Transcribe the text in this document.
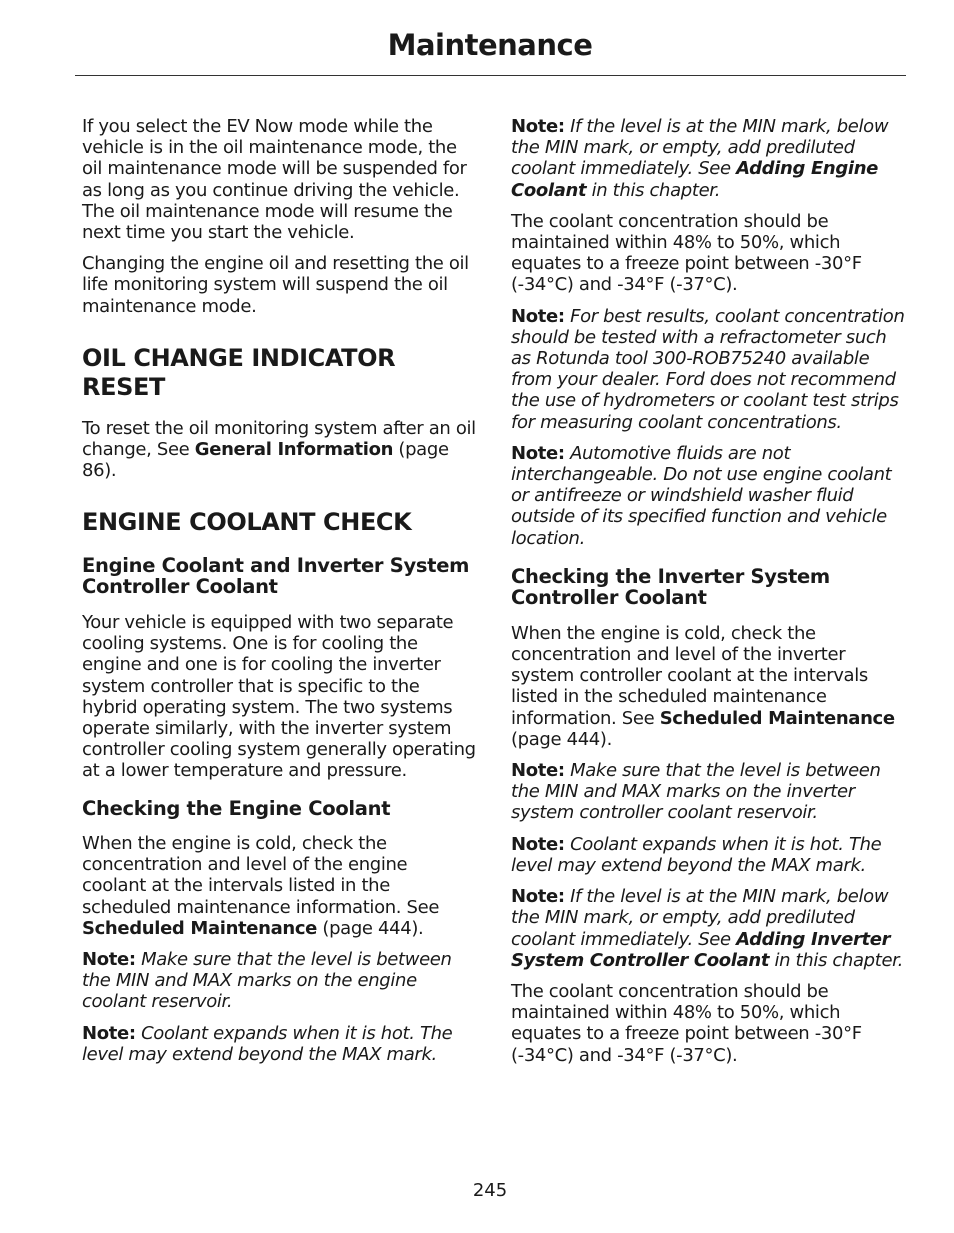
Maintenance

If you select the EV Now mode while the vehicle is in the oil maintenance mode, the oil maintenance mode will be suspended for as long as you continue driving the vehicle. The oil maintenance mode will resume the next time you start the vehicle.

Changing the engine oil and resetting the oil life monitoring system will suspend the oil maintenance mode.

OIL CHANGE INDICATOR RESET

To reset the oil monitoring system after an oil change, See General Information (page 86).

ENGINE COOLANT CHECK
Engine Coolant and Inverter System Controller Coolant

Your vehicle is equipped with two separate cooling systems. One is for cooling the engine and one is for cooling the inverter system controller that is specific to the hybrid operating system. The two systems operate similarly, with the inverter system controller cooling system generally operating at a lower temperature and pressure.

Checking the Engine Coolant

When the engine is cold, check the concentration and level of the engine coolant at the intervals listed in the scheduled maintenance information. See Scheduled Maintenance (page 444).

Note: Make sure that the level is between the MIN and MAX marks on the engine coolant reservoir.

Note: Coolant expands when it is hot. The level may extend beyond the MAX mark.

Note: If the level is at the MIN mark, below the MIN mark, or empty, add prediluted coolant immediately. See Adding Engine Coolant in this chapter.

The coolant concentration should be maintained within 48% to 50%, which equates to a freeze point between -30°F (-34°C) and -34°F (-37°C).

Note: For best results, coolant concentration should be tested with a refractometer such as Rotunda tool 300-ROB75240 available from your dealer. Ford does not recommend the use of hydrometers or coolant test strips for measuring coolant concentrations.

Note: Automotive fluids are not interchangeable. Do not use engine coolant or antifreeze or windshield washer fluid outside of its specified function and vehicle location.

Checking the Inverter System Controller Coolant

When the engine is cold, check the concentration and level of the inverter system controller coolant at the intervals listed in the scheduled maintenance information. See Scheduled Maintenance (page 444).

Note: Make sure that the level is between the MIN and MAX marks on the inverter system controller coolant reservoir.

Note: Coolant expands when it is hot. The level may extend beyond the MAX mark.

Note: If the level is at the MIN mark, below the MIN mark, or empty, add prediluted coolant immediately. See Adding Inverter System Controller Coolant in this chapter.

The coolant concentration should be maintained within 48% to 50%, which equates to a freeze point between -30°F (-34°C) and -34°F (-37°C).

245
